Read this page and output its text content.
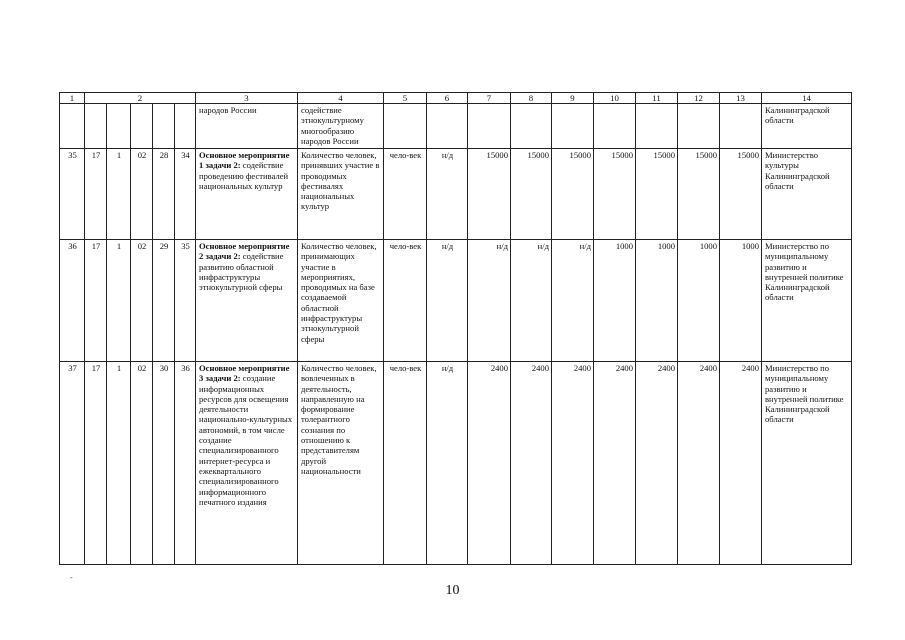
1	2					3	4	5	6	7	8	9	10	11	12	13	14
						народов России	содействие этнокультурному многообразию народов России										Калининградской области
35	17	1	02	28	34	Основное мероприятие 1 задачи 2: содействие проведению фестивалей национальных культур	Количество человек, принявших участие в проводимых фестивалях национальных культур	чело-век	н/д	15000	15000	15000	15000	15000	15000	15000	Министерство культуры Калининградской области
36	17	1	02	29	35	Основное мероприятие 2 задачи 2: содействие развитию областной инфраструктуры этнокультурной сферы	Количество человек, принимающих участие в мероприятиях, проводимых на базе создаваемой областной инфраструктуры этнокультурной сферы	чело-век	н/д	н/д	н/д	н/д	1000	1000	1000	1000	Министерство по муниципальному развитию и внутренней политике Калининградской области
37	17	1	02	30	36	Основное мероприятие 3 задачи 2: создание информационных ресурсов для освещения деятельности национально-культурных автономий, в том числе создание специализированного интернет-ресурса и ежеквартального специализированного информационного печатного издания	Количество человек, вовлеченных в деятельность, направленную на формирование толерантного сознания по отношению к представителям другой национальности	чело-век	н/д	2400	2400	2400	2400	2400	2400	2400	Министерство по муниципальному развитию и внутренней политике Калининградской области
-
10
